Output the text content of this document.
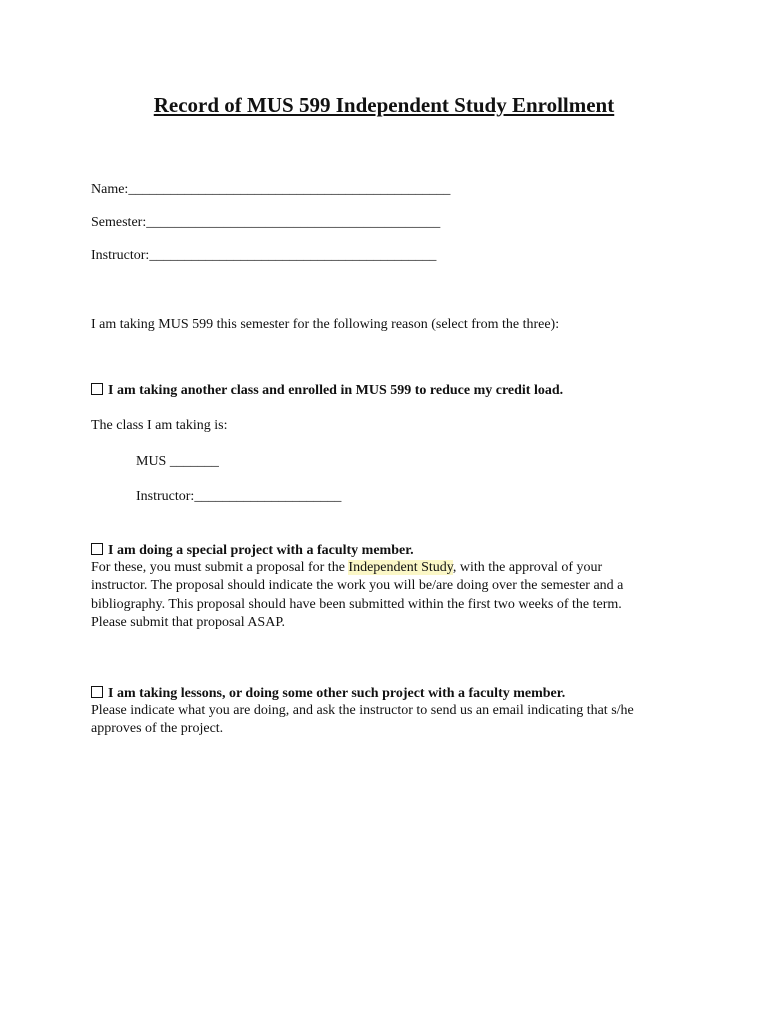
Record of MUS 599 Independent Study Enrollment
Name:______________________________________________
Semester:__________________________________________
Instructor:_________________________________________
I am taking MUS 599 this semester for the following reason (select from the three):
I am taking another class and enrolled in MUS 599 to reduce my credit load.
The class I am taking is:
MUS _______
Instructor:_____________________
I am doing a special project with a faculty member.
For these, you must submit a proposal for the Independent Study, with the approval of your
instructor. The proposal should indicate the work you will be/are doing over the semester and a
bibliography. This proposal should have been submitted within the first two weeks of the term.
Please submit that proposal ASAP.
I am taking lessons, or doing some other such project with a faculty member.
Please indicate what you are doing, and ask the instructor to send us an email indicating that s/he
approves of the project.
